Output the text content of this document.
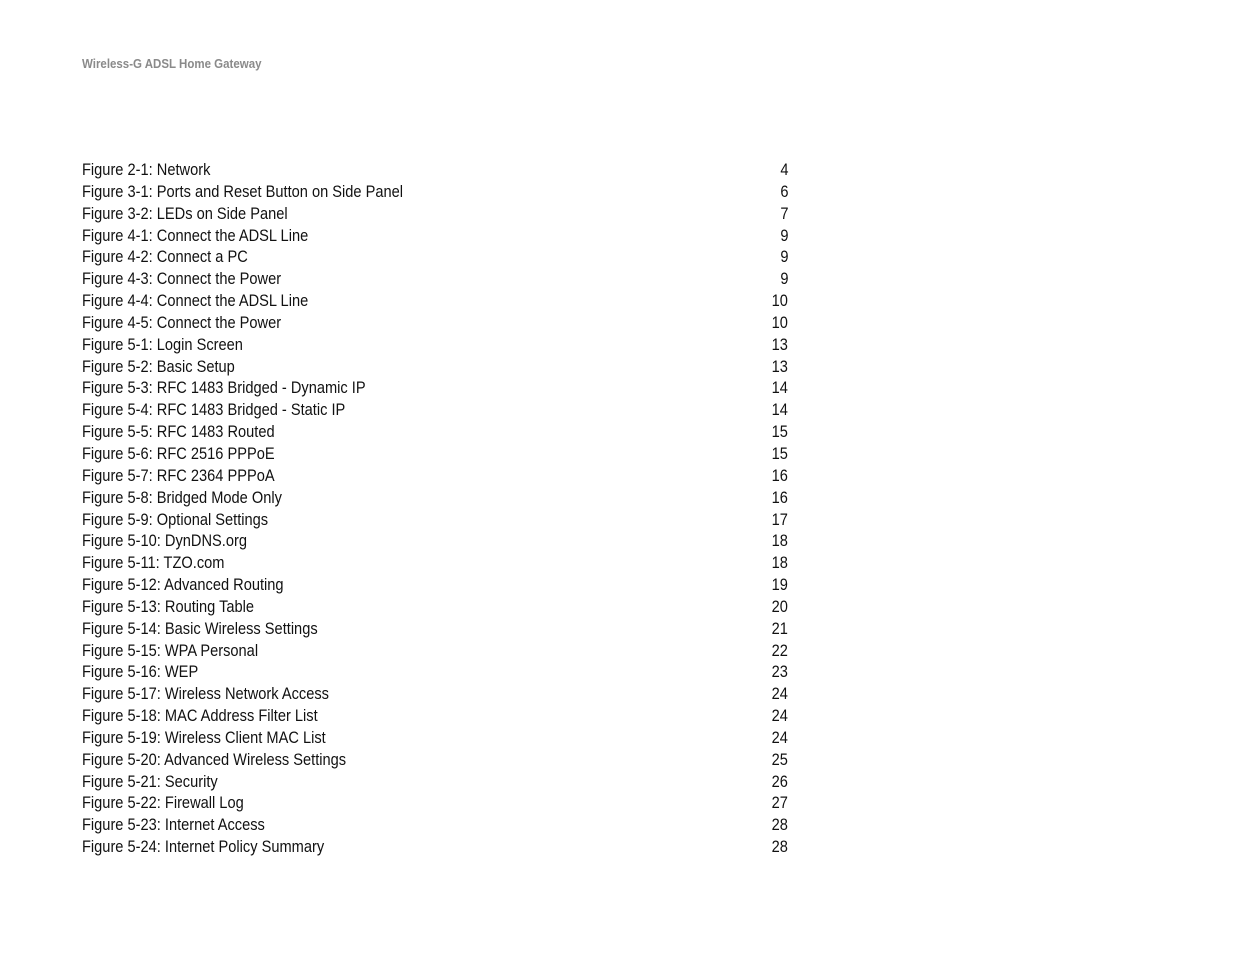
Wireless-G ADSL Home Gateway
Figure 2-1: Network	4
Figure 3-1: Ports and Reset Button on Side Panel	6
Figure 3-2: LEDs on Side Panel	7
Figure 4-1: Connect the ADSL Line	9
Figure 4-2: Connect a PC	9
Figure 4-3: Connect the Power	9
Figure 4-4: Connect the ADSL Line	10
Figure 4-5: Connect the Power	10
Figure 5-1: Login Screen	13
Figure 5-2: Basic Setup	13
Figure 5-3: RFC 1483 Bridged - Dynamic IP	14
Figure 5-4: RFC 1483 Bridged - Static IP	14
Figure 5-5: RFC 1483 Routed	15
Figure 5-6: RFC 2516 PPPoE	15
Figure 5-7: RFC 2364 PPPoA	16
Figure 5-8: Bridged Mode Only	16
Figure 5-9: Optional Settings	17
Figure 5-10: DynDNS.org	18
Figure 5-11: TZO.com	18
Figure 5-12: Advanced Routing	19
Figure 5-13: Routing Table	20
Figure 5-14: Basic Wireless Settings	21
Figure 5-15: WPA Personal	22
Figure 5-16: WEP	23
Figure 5-17: Wireless Network Access	24
Figure 5-18: MAC Address Filter List	24
Figure 5-19: Wireless Client MAC List	24
Figure 5-20: Advanced Wireless Settings	25
Figure 5-21: Security	26
Figure 5-22: Firewall Log	27
Figure 5-23: Internet Access	28
Figure 5-24: Internet Policy Summary	28
